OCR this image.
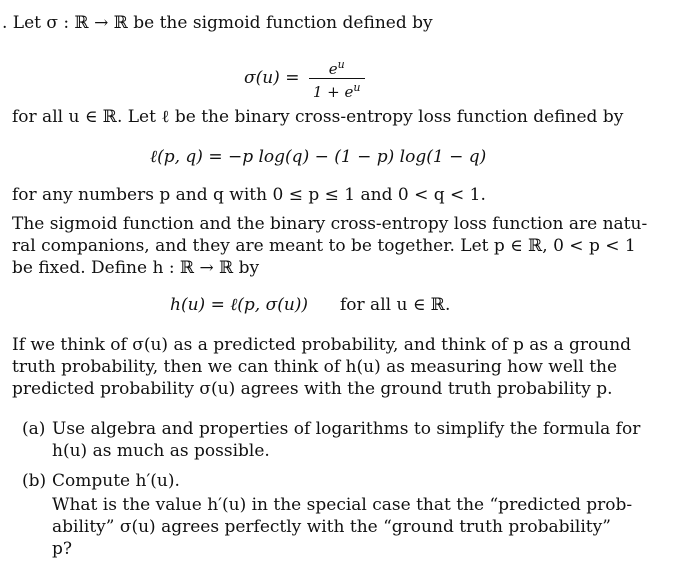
. Let σ : ℝ → ℝ be the sigmoid function defined by
$\sigma(u) = \frac{e^u}{1 + e^u}$
for all u ∈ ℝ. Let ℓ be the binary cross-entropy loss function defined by
ℓ(p, q) = −p log(q) − (1 − p) log(1 − q)
for any numbers p and q with 0 ≤ p ≤ 1 and 0 < q < 1.
The sigmoid function and the binary cross-entropy loss function are natu-
ral companions, and they are meant to be together. Let p ∈ ℝ, 0 < p < 1
be fixed. Define h : ℝ → ℝ by
h(u) = ℓ(p, σ(u)) for all u ∈ ℝ.
If we think of σ(u) as a predicted probability, and think of p as a ground
truth probability, then we can think of h(u) as measuring how well the
predicted probability σ(u) agrees with the ground truth probability p.
(a) Use algebra and properties of logarithms to simplify the formula for
h(u) as much as possible.
(b) Compute h′(u).
What is the value h′(u) in the special case that the “predicted prob-
ability” σ(u) agrees perfectly with the “ground truth probability”
p?
